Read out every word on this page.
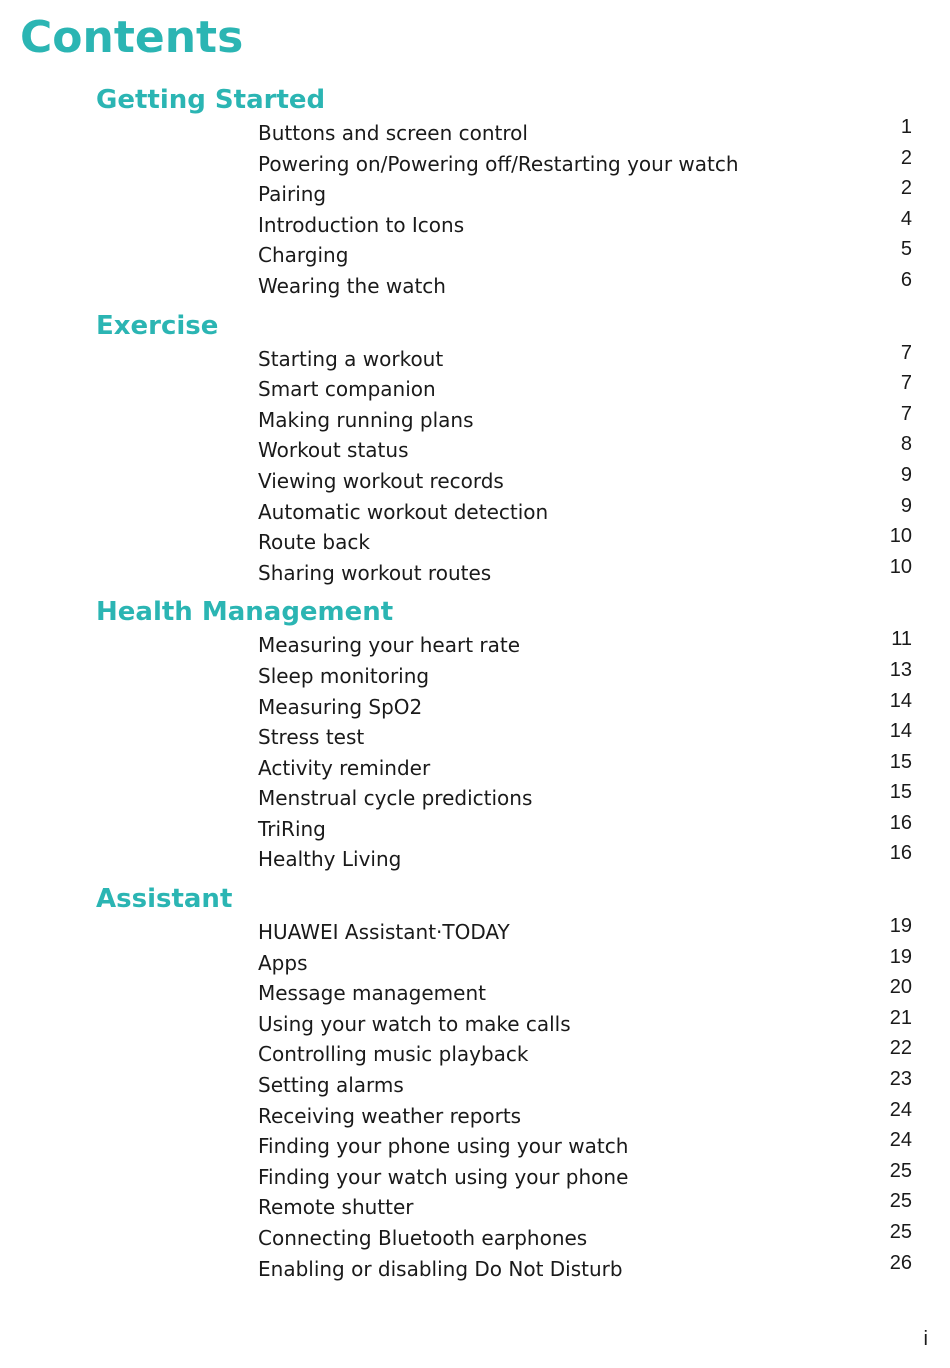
Contents
Getting Started
Buttons and screen control	1
Powering on/Powering off/Restarting your watch	2
Pairing	2
Introduction to Icons	4
Charging	5
Wearing the watch	6
Exercise
Starting a workout	7
Smart companion	7
Making running plans	7
Workout status	8
Viewing workout records	9
Automatic workout detection	9
Route back	10
Sharing workout routes	10
Health Management
Measuring your heart rate	11
Sleep monitoring	13
Measuring SpO2	14
Stress test	14
Activity reminder	15
Menstrual cycle predictions	15
TriRing	16
Healthy Living	16
Assistant
HUAWEI Assistant·TODAY	19
Apps	19
Message management	20
Using your watch to make calls	21
Controlling music playback	22
Setting alarms	23
Receiving weather reports	24
Finding your phone using your watch	24
Finding your watch using your phone	25
Remote shutter	25
Connecting Bluetooth earphones	25
Enabling or disabling Do Not Disturb	26
i
